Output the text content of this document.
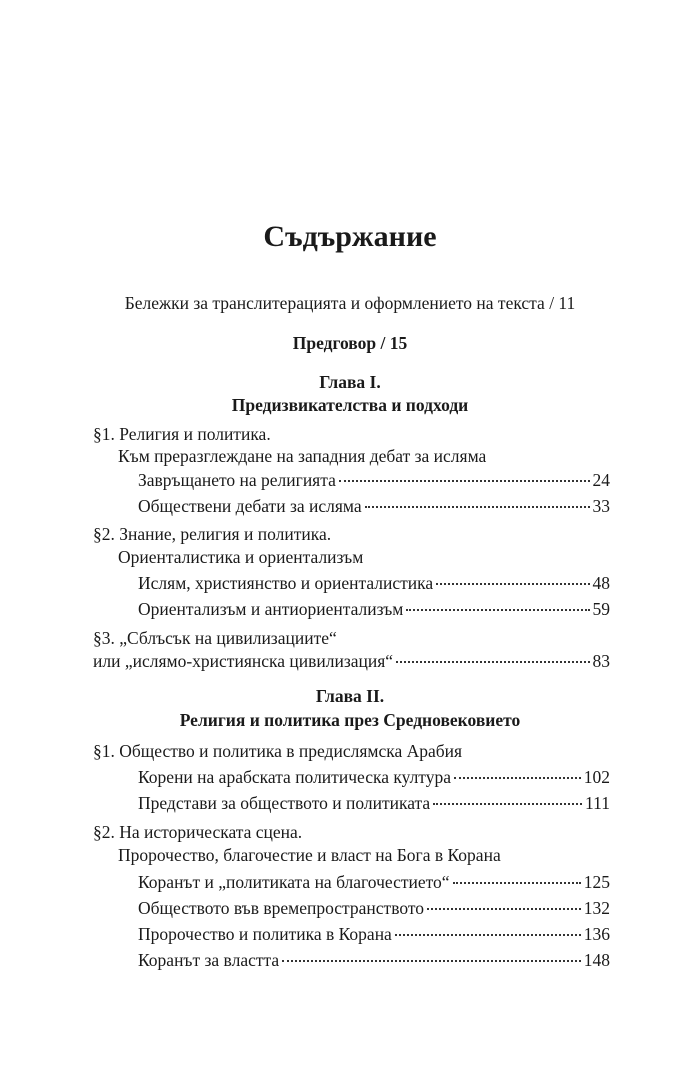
Съдържание
Бележки за транслитерацията и оформлението на текста / 11
Предговор / 15
Глава I.
Предизвикателства и подходи
§1. Религия и политика.
Към преразглеждане на западния дебат за исляма
Завръщането на религията	24
Обществени дебати за исляма	33
§2. Знание, религия и политика.
Ориенталистика и ориентализъм
Ислям, християнство и ориенталистика	48
Ориентализъм и антиориентализъм	59
§3. „Сблъсък на цивилизациите“
или „ислямо-християнска цивилизация“	83
Глава II.
Религия и политика през Средновековието
§1. Общество и политика в предислямска Арабия
Корени на арабската политическа култура	102
Представи за обществото и политиката	111
§2. На историческата сцена.
Пророчество, благочестие и власт на Бога в Корана
Коранът и „политиката на благочестието“	125
Обществото във времепространството	132
Пророчество и политика в Корана	136
Коранът за властта	148
